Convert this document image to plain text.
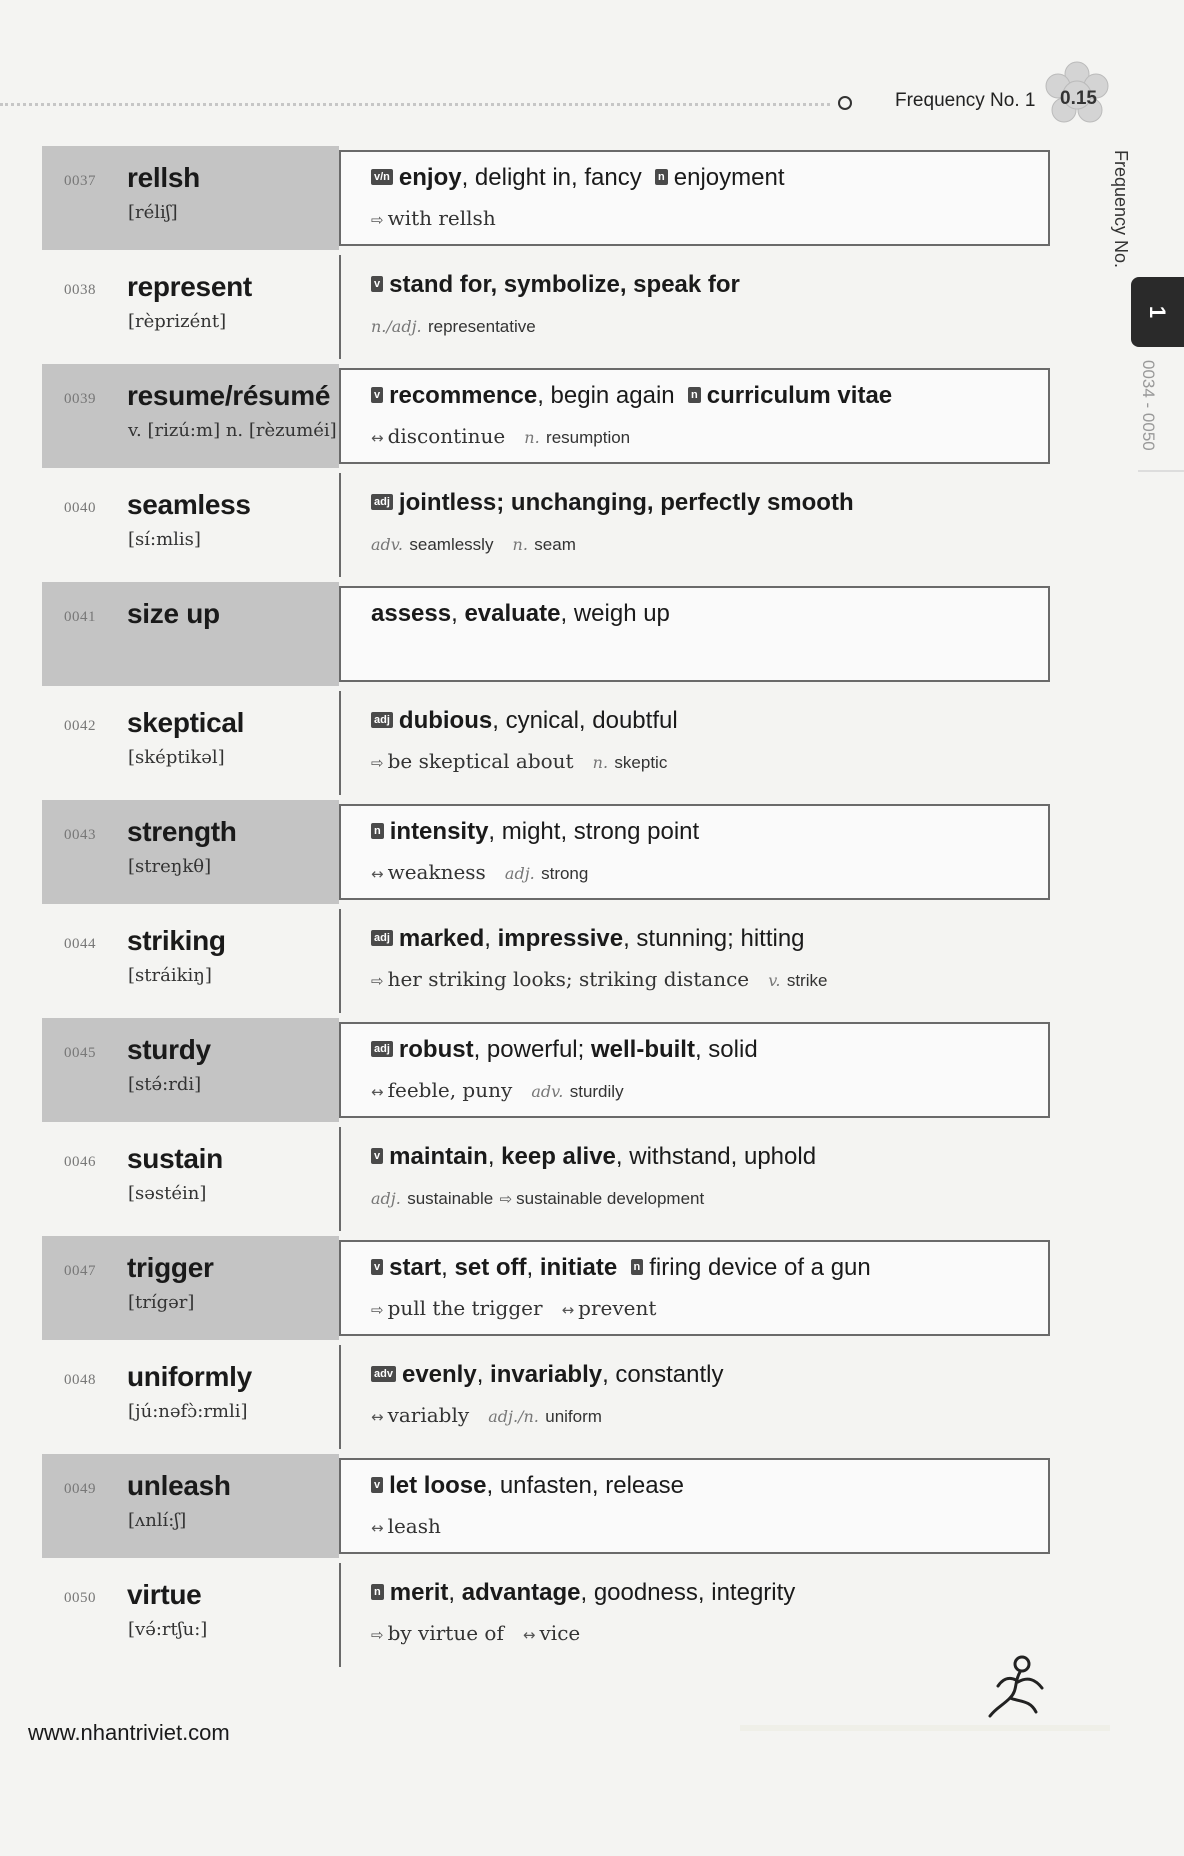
Frequency No. 1 0.15
Frequency No.
1
0034 - 0050
0037 rellsh
[réliʃ]
v/n enjoy, delight in, fancy  n enjoyment
⇨ with rellsh
0038 represent
[rèprizént]
v stand for, symbolize, speak for
n./adj. representative
0039 resume/résumé
v. [rizú:m] n. [rèzuméi]
v recommence, begin again  n curriculum vitae
↔ discontinue   n. resumption
0040 seamless
[sí:mlis]
adj jointless; unchanging, perfectly smooth
adv. seamlessly n. seam
0041 size up	assess, evaluate, weigh up
0042 skeptical
[sképtikəl]
adj dubious, cynical, doubtful
⇨ be skeptical about   n. skeptic
0043 strength
[streŋkθ]
n intensity, might, strong point
↔ weakness   adj. strong
0044 striking
[stráikiŋ]
adj marked, impressive, stunning; hitting
⇨ her striking looks; striking distance   v. strike
0045 sturdy
[stə́:rdi]
adj robust, powerful; well-built, solid
↔ feeble, puny   adv. sturdily
0046 sustain
[səstéin]
v maintain, keep alive, withstand, uphold
adj. sustainable ⇨ sustainable development
0047 trigger
[trígər]
v start, set off, initiate n firing device of a gun
⇨ pull the trigger   ↔ prevent
0048 uniformly
[jú:nəfɔ̀:rmli]
adv evenly, invariably, constantly
↔ variably   adj./n. uniform
0049 unleash
[ʌnlí:ʃ]
v let loose, unfasten, release
↔ leash
0050 virtue
[və́:rtʃu:]
n merit, advantage, goodness, integrity
⇨ by virtue of   ↔ vice
www.nhantriviet.com
